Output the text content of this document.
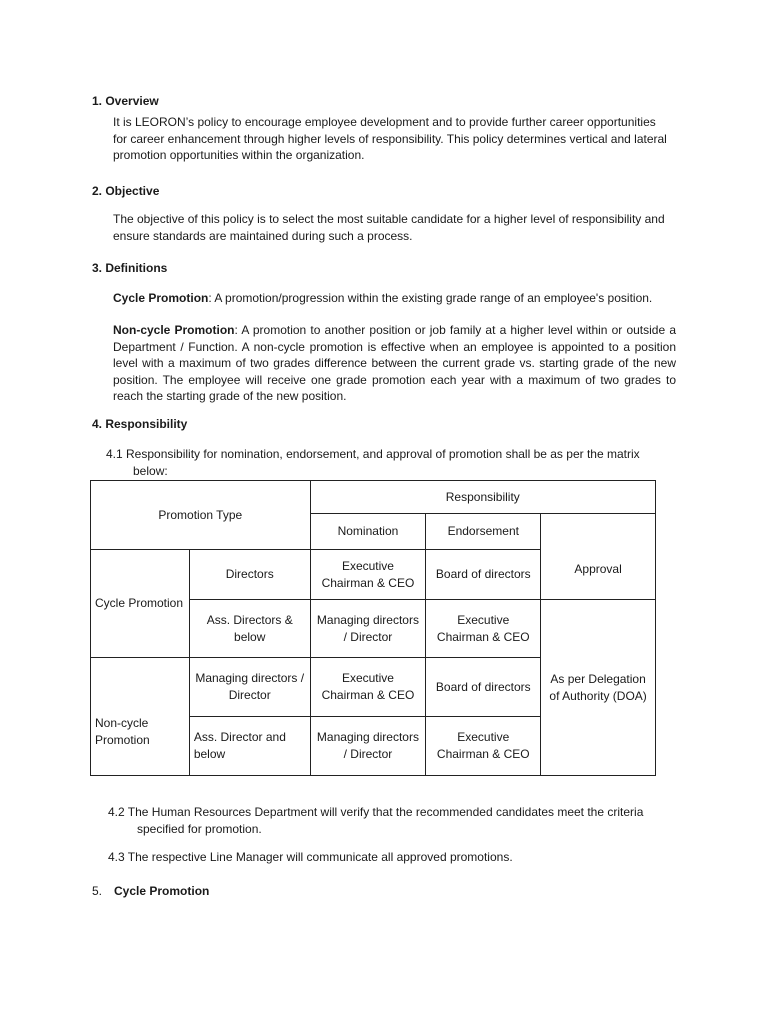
1. Overview

It is LEORON’s policy to encourage employee development and to provide further career opportunities for career enhancement through higher levels of responsibility. This policy determines vertical and lateral promotion opportunities within the organization.

2. Objective

The objective of this policy is to select the most suitable candidate for a higher level of responsibility and ensure standards are maintained during such a process.

3. Definitions

Cycle Promotion: A promotion/progression within the existing grade range of an employee's position.

Non-cycle Promotion: A promotion to another position or job family at a higher level within or outside a Department / Function. A non-cycle promotion is effective when an employee is appointed to a position level with a maximum of two grades difference between the current grade vs. starting grade of the new position. The employee will receive one grade promotion each year with a maximum of two grades to reach the starting grade of the new position.

4. Responsibility

4.1 Responsibility for nomination, endorsement, and approval of promotion shall be as per the matrix below:

Promotion Type		Responsibility		
		Nomination	Endorsement	
				Approval
Cycle Promotion	Directors	Executive Chairman & CEO	Board of directors	
	Ass. Directors & below	Managing directors / Director	Executive Chairman & CEO	As per Delegation of Authority (DOA)
Non-cycle Promotion	Managing directors / Director	Executive Chairman & CEO	Board of directors	
	Ass. Director and below	Managing directors / Director	Executive Chairman & CEO	

4.2 The Human Resources Department will verify that the recommended candidates meet the criteria specified for promotion.

4.3 The respective Line Manager will communicate all approved promotions.

5. Cycle Promotion
